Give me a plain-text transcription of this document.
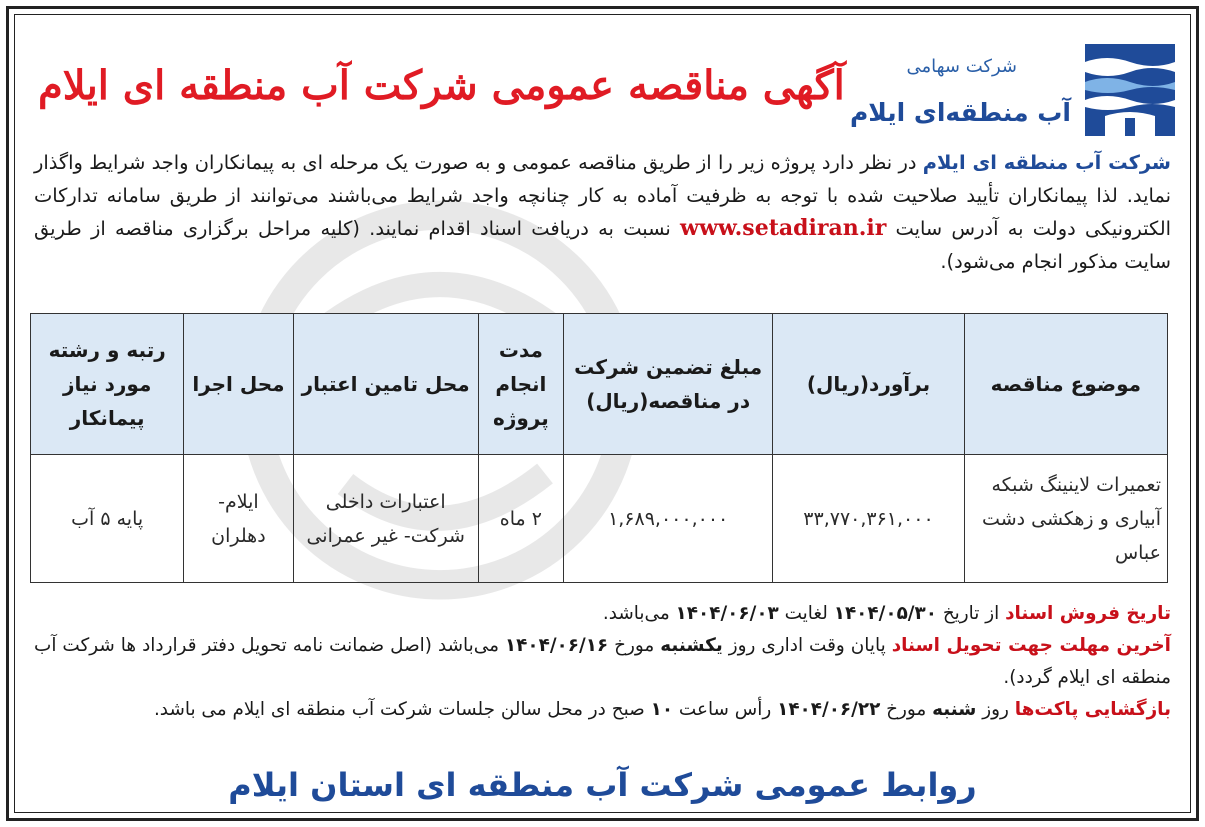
شرکت سهامی
آب منطقه‌ای ایلام
آگهی مناقصه عمومی شرکت آب منطقه ای ایلام
شرکت آب منطقه ای ایلام در نظر دارد پروژه زیر را از طریق مناقصه عمومی و به صورت یک مرحله ای به پیمانکاران واجد شرایط واگذار نماید. لذا پیمانکاران تأیید صلاحیت شده با توجه به ظرفیت آماده به کار چنانچه واجد شرایط می‌باشند می‌توانند از طریق سامانه تدارکات الکترونیکی دولت به آدرس سایت www.setadiran.ir نسبت به دریافت اسناد اقدام نمایند. (کلیه مراحل برگزاری مناقصه از طریق سایت مذکور انجام می‌شود).
موضوع مناقصه	برآورد(ریال)	مبلغ تضمین شرکت در مناقصه(ریال)	مدت انجام پروژه	محل تامین اعتبار	محل اجرا	رتبه و رشته مورد نیاز پیمانکار
تعمیرات لاینینگ شبکه آبیاری و زهکشی دشت عباس	۳۳,۷۷۰,۳۶۱,۰۰۰	۱,۶۸۹,۰۰۰,۰۰۰	۲ ماه	اعتبارات داخلی شرکت- غیر عمرانی	ایلام- دهلران	پایه ۵ آب
تاریخ فروش اسناد از تاریخ ۱۴۰۴/۰۵/۳۰ لغایت ۱۴۰۴/۰۶/۰۳ می‌باشد.
آخرین مهلت جهت تحویل اسناد پایان وقت اداری روز یکشنبه مورخ ۱۴۰۴/۰۶/۱۶ می‌باشد (اصل ضمانت نامه تحویل دفتر قرارداد ها شرکت آب منطقه ای ایلام گردد).
بازگشایی پاکت‌ها روز شنبه مورخ ۱۴۰۴/۰۶/۲۲ رأس ساعت ۱۰ صبح در محل سالن جلسات شرکت آب منطقه ای ایلام می باشد.
روابط عمومی شرکت آب منطقه ای استان ایلام
